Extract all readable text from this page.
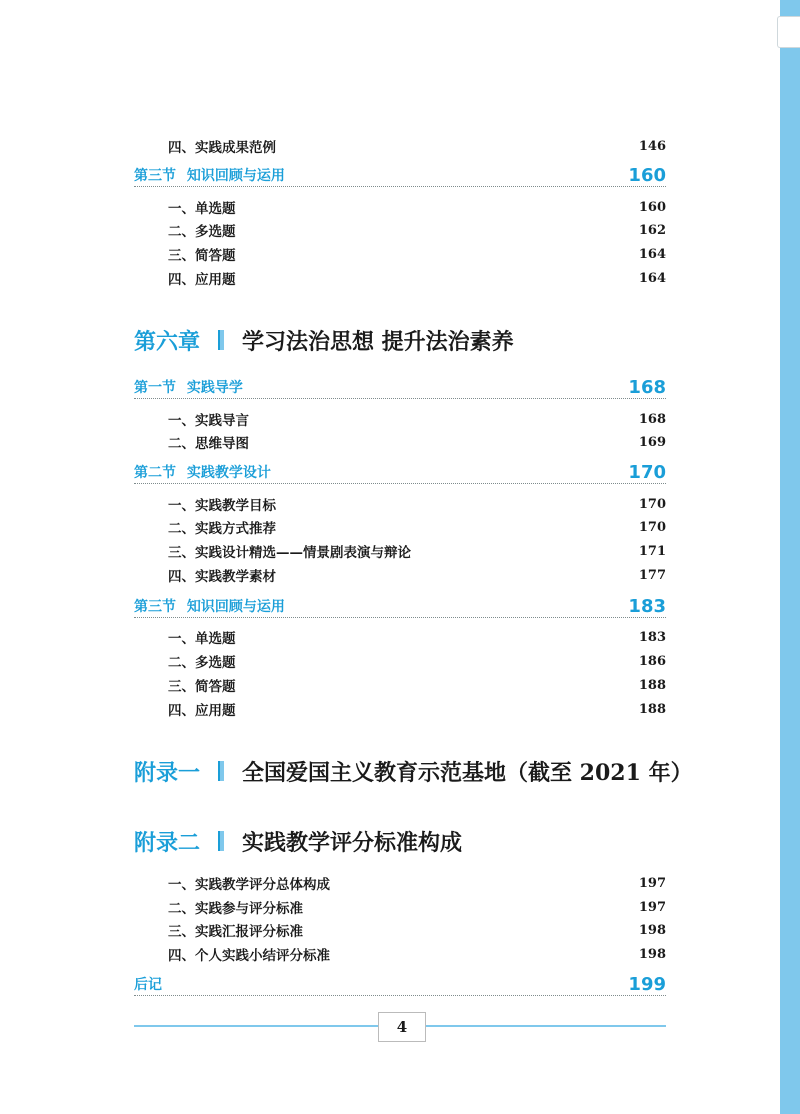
四、实践成果范例	146
第三节 知识回顾与运用	160
一、单选题	160
二、多选题	162
三、简答题	164
四、应用题	164
第六章 学习法治思想 提升法治素养
第一节 实践导学	168
一、实践导言	168
二、思维导图	169
第二节 实践教学设计	170
一、实践教学目标	170
二、实践方式推荐	170
三、实践设计精选——情景剧表演与辩论	171
四、实践教学素材	177
第三节 知识回顾与运用	183
一、单选题	183
二、多选题	186
三、简答题	188
四、应用题	188
附录一 全国爱国主义教育示范基地（截至 2021 年）
附录二 实践教学评分标准构成
一、实践教学评分总体构成	197
二、实践参与评分标准	197
三、实践汇报评分标准	198
四、个人实践小结评分标准	198
后记	199
4
